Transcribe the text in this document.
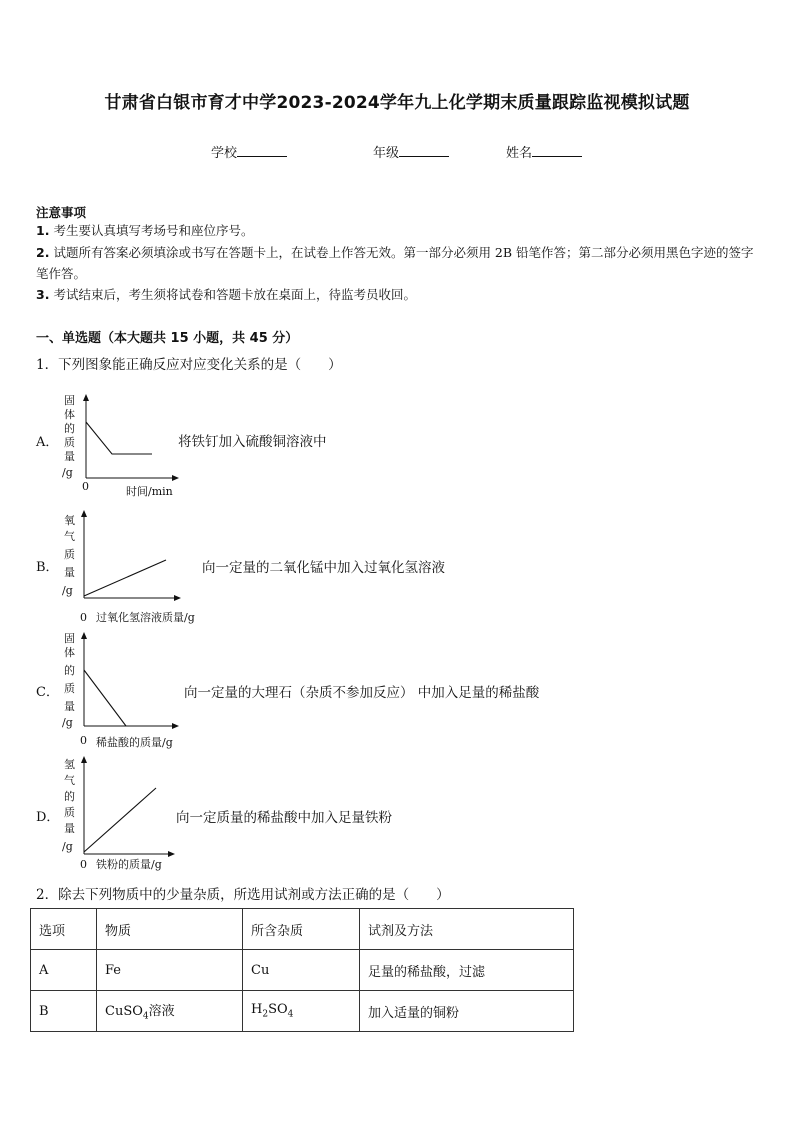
甘肃省白银市育才中学2023-2024学年九上化学期末质量跟踪监视模拟试题
学校	年级	姓名
注意事项
1. 考生要认真填写考场号和座位序号。
2. 试题所有答案必须填涂或书写在答题卡上，在试卷上作答无效。第一部分必须用 2B 铅笔作答；第二部分必须用黑色字迹的签字笔作答。
3. 考试结束后，考生须将试卷和答题卡放在桌面上，待监考员收回。
一、单选题（本大题共 15 小题，共 45 分）
1．下列图象能正确反应对应变化关系的是（　　）
A．
固
体
的
质
量
/g
0	时间/min
将铁钉加入硫酸铜溶液中
B．
氧
气
质
量
/g
0 过氧化氢溶液质量/g
向一定量的二氧化锰中加入过氧化氢溶液
C．
固
体
的
质
量
/g
0 稀盐酸的质量/g
向一定量的大理石（杂质不参加反应） 中加入足量的稀盐酸
D．
氢
气
的
质
量
/g
0 铁粉的质量/g
向一定质量的稀盐酸中加入足量铁粉
2．除去下列物质中的少量杂质，所选用试剂或方法正确的是（　　）
选项	物质	所含杂质	试剂及方法
A	Fe	Cu	足量的稀盐酸，过滤
B	CuSO$_4$溶液	$H_2SO_4$	加入适量的铜粉
